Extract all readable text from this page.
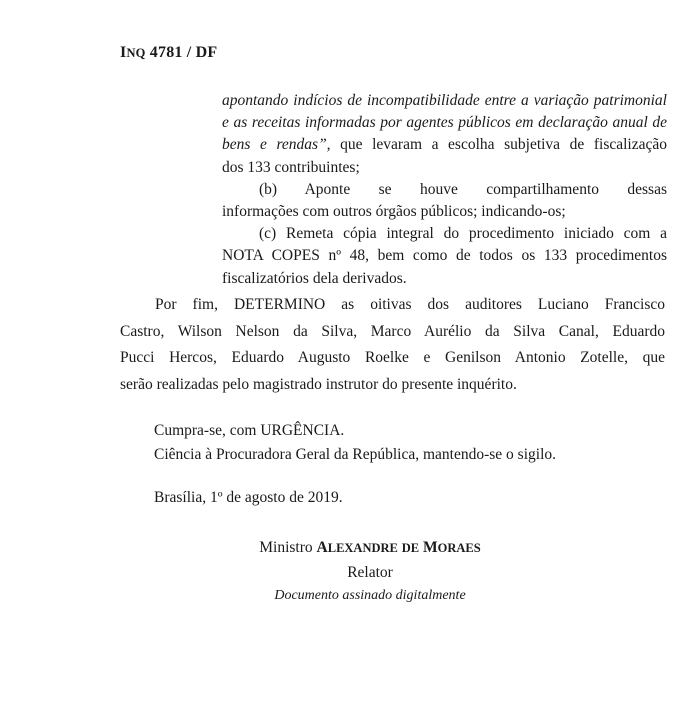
INQ 4781 / DF
apontando indícios de incompatibilidade entre a variação patrimonial
e as receitas informadas por agentes públicos em declaração anual de
bens e rendas”, que levaram a escolha subjetiva de fiscalização
dos 133 contribuintes;
(b) Aponte se houve compartilhamento dessas
informações com outros órgãos públicos; indicando-os;
(c) Remeta cópia integral do procedimento iniciado com a
NOTA COPES nº 48, bem como de todos os 133 procedimentos
fiscalizatórios dela derivados.
Por fim, DETERMINO as oitivas dos auditores Luciano Francisco
Castro, Wilson Nelson da Silva, Marco Aurélio da Silva Canal, Eduardo
Pucci Hercos, Eduardo Augusto Roelke e Genilson Antonio Zotelle, que
serão realizadas pelo magistrado instrutor do presente inquérito.
Cumpra-se, com URGÊNCIA.
Ciência à Procuradora Geral da República, mantendo-se o sigilo.
Brasília, 1º de agosto de 2019.
Ministro ALEXANDRE DE MORAES
Relator
Documento assinado digitalmente
